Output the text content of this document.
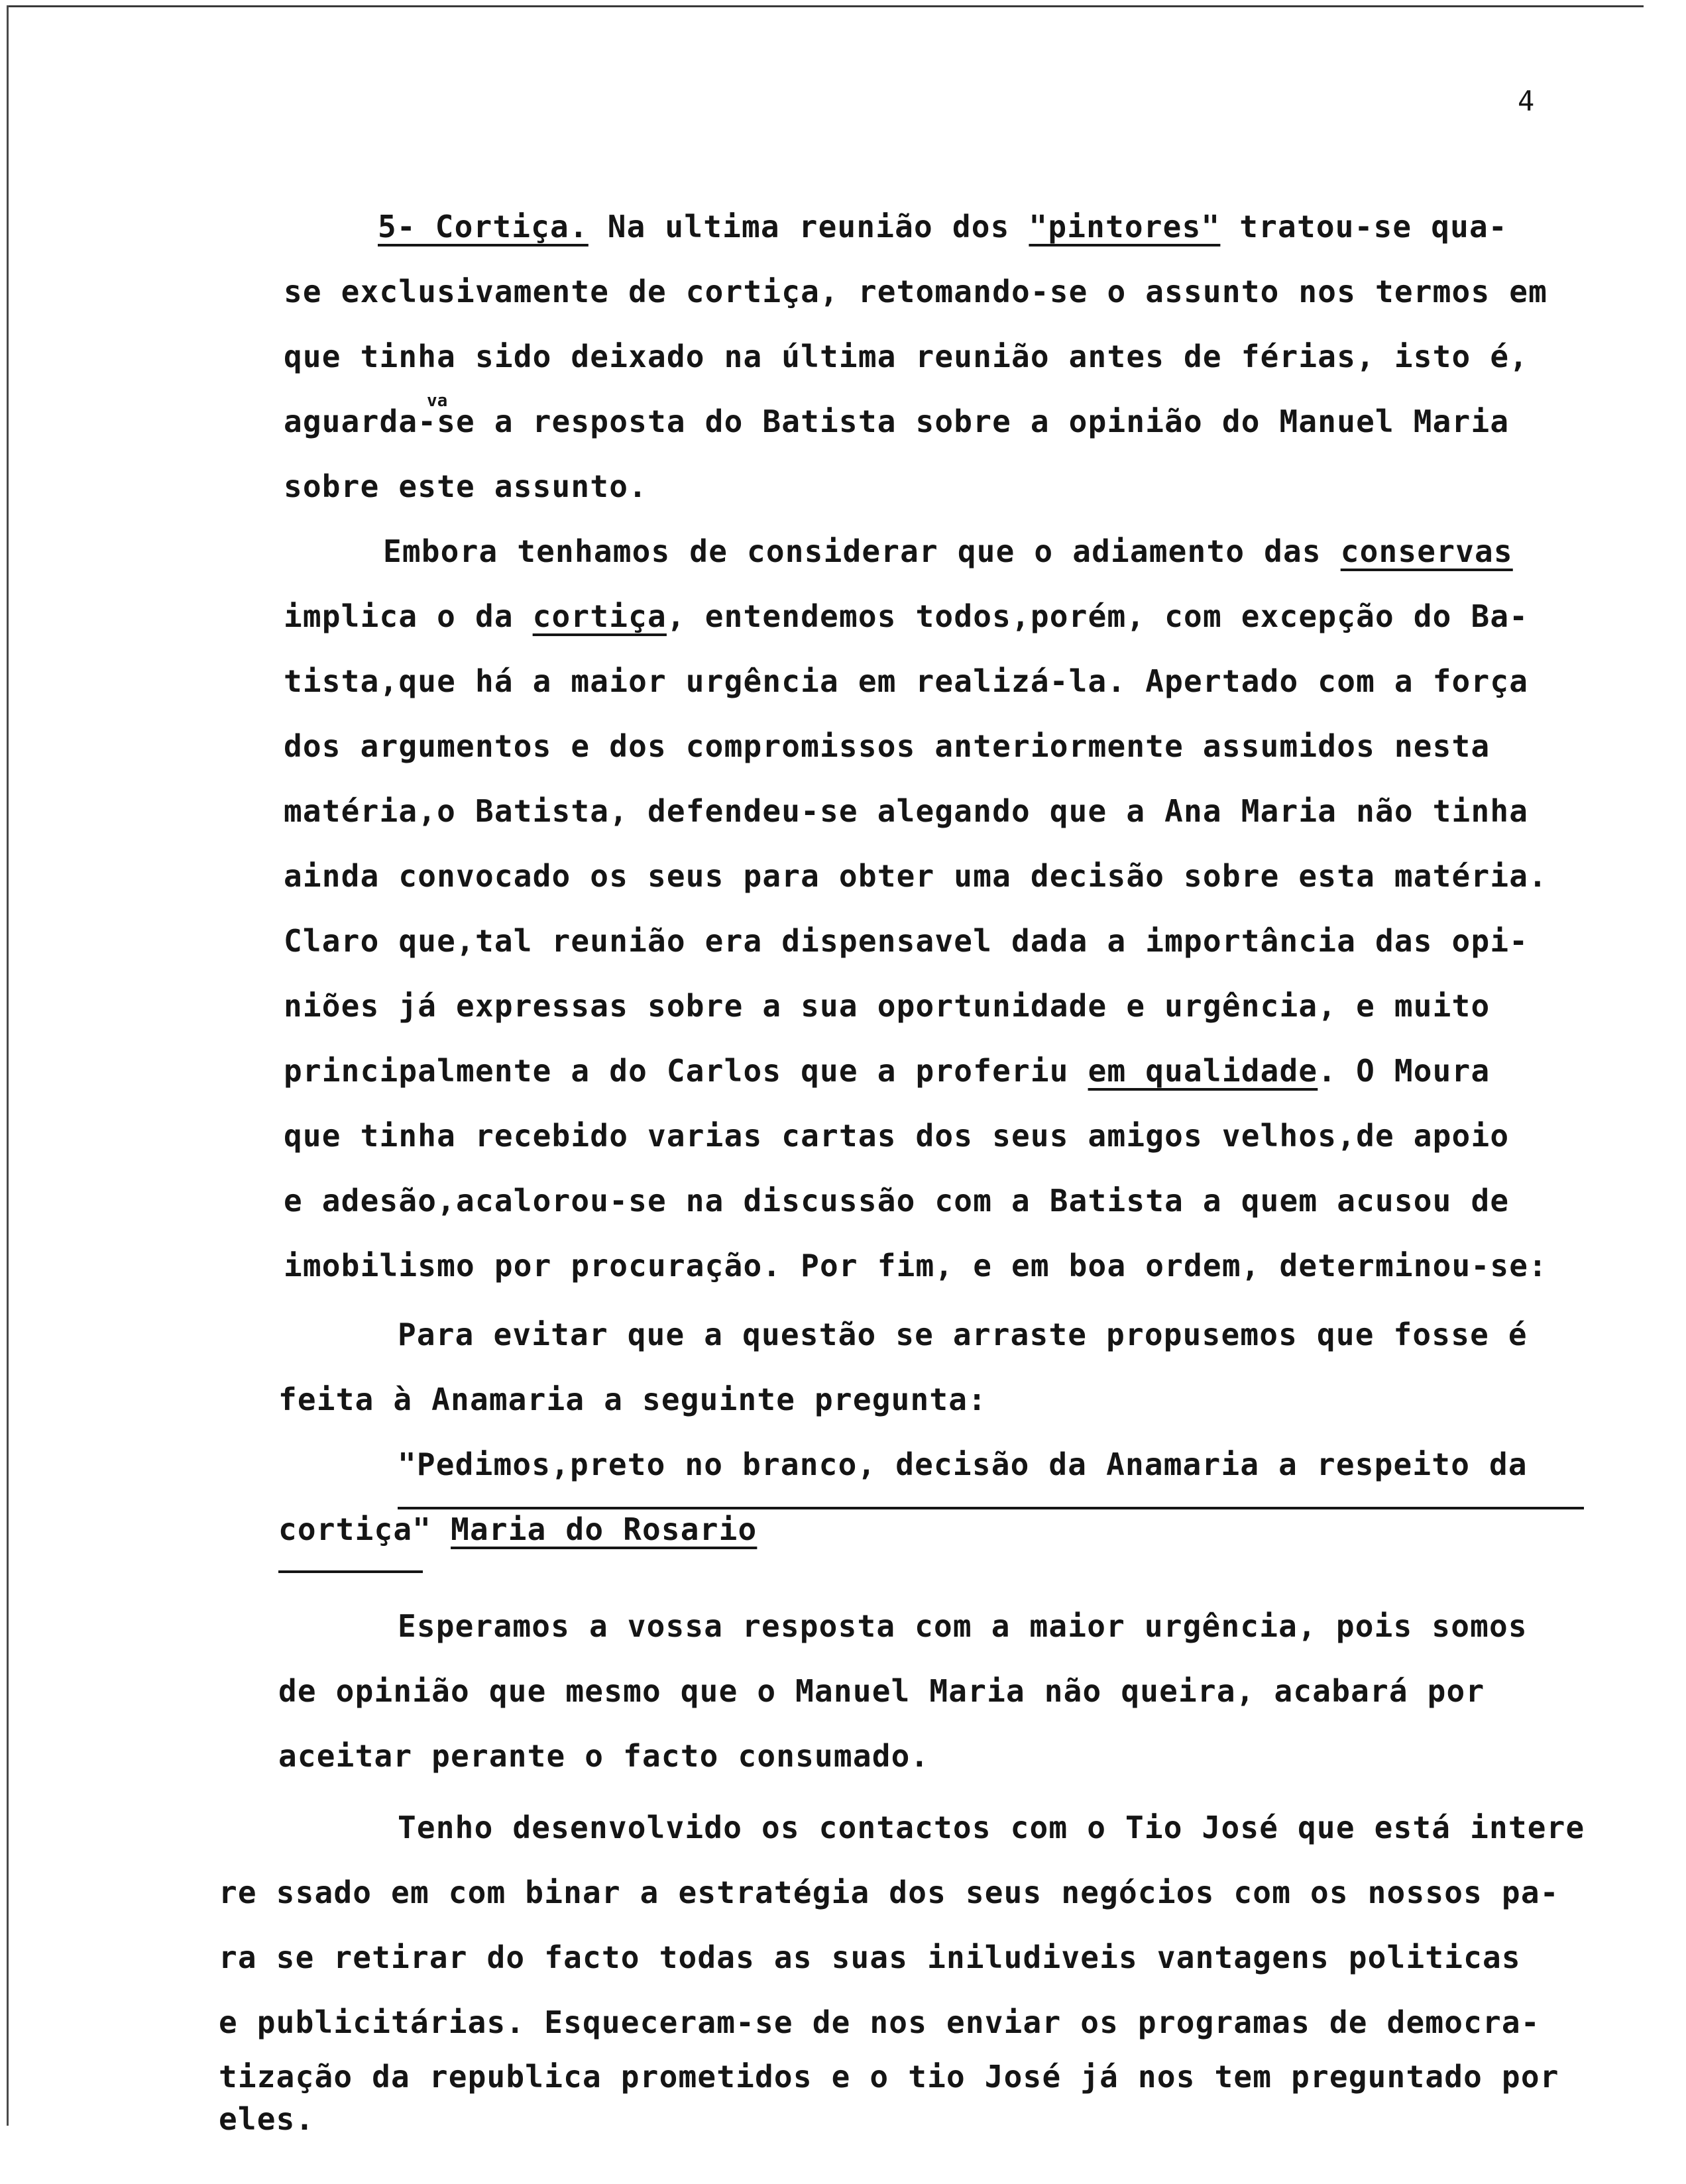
4
5- Cortiça. Na ultima reunião dos "pintores" tratou-se qua-
se exclusivamente de cortiça, retomando-se o assunto nos termos em
que tinha sido deixado na última reunião antes de férias, isto é,
va
aguarda-se a resposta do Batista sobre a opinião do Manuel Maria
sobre este assunto.
Embora tenhamos de considerar que o adiamento das conservas
implica o da cortiça, entendemos todos,porém, com excepção do Ba-
tista,que há a maior urgência em realizá-la. Apertado com a força
dos argumentos e dos compromissos anteriormente assumidos nesta
matéria,o Batista, defendeu-se alegando que a Ana Maria não tinha
ainda convocado os seus para obter uma decisão sobre esta matéria.
Claro que,tal reunião era dispensavel dada a importância das opi-
niões já expressas sobre a sua oportunidade e urgência, e muito
principalmente a do Carlos que a proferiu em qualidade. O Moura
que tinha recebido varias cartas dos seus amigos velhos,de apoio
e adesão,acalorou-se na discussão com a Batista a quem acusou de
imobilismo por procuração. Por fim, e em boa ordem, determinou-se:
Para evitar que a questão se arraste propusemos que fosse é
feita à Anamaria a seguinte pregunta:
"Pedimos,preto no branco, decisão da Anamaria a respeito da
cortiça" Maria do Rosario
Esperamos a vossa resposta com a maior urgência, pois somos
de opinião que mesmo que o Manuel Maria não queira, acabará por
aceitar perante o facto consumado.
Tenho desenvolvido os contactos com o Tio José que está intere
re ssado em com binar a estratégia dos seus negócios com os nossos pa-
ra se retirar do facto todas as suas iniludiveis vantagens politicas
e publicitárias. Esqueceram-se de nos enviar os programas de democra-
tização da republica prometidos e o tio José já nos tem preguntado por
eles.
